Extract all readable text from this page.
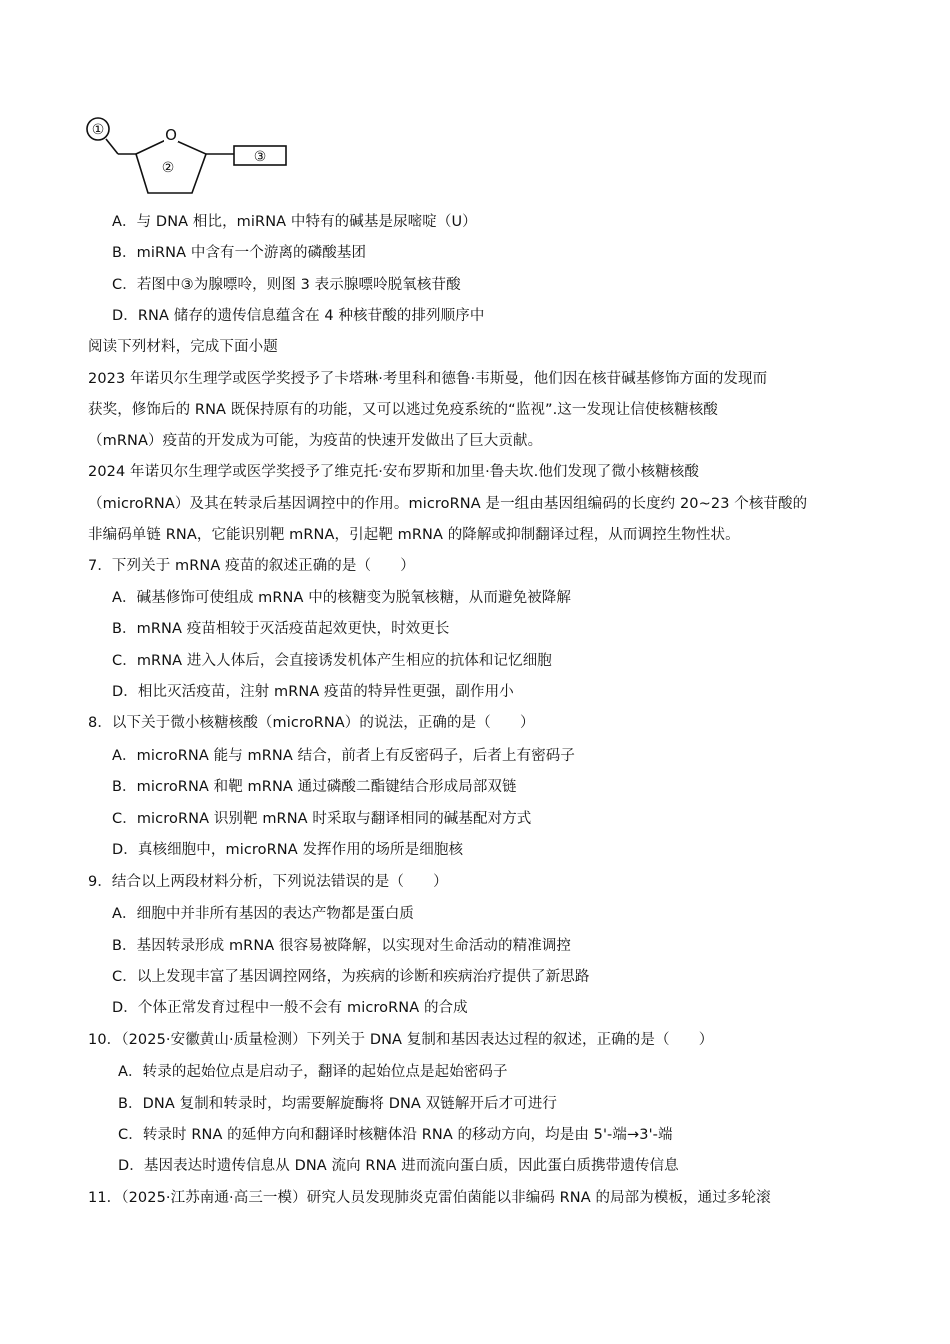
①	O
②
③
A．与 DNA 相比，miRNA 中特有的碱基是尿嘧啶（U）
B．miRNA 中含有一个游离的磷酸基团
C．若图中③为腺嘌呤，则图 3 表示腺嘌呤脱氧核苷酸
D．RNA 储存的遗传信息蕴含在 4 种核苷酸的排列顺序中
阅读下列材料，完成下面小题
2023 年诺贝尔生理学或医学奖授予了卡塔琳·考里科和德鲁·韦斯曼，他们因在核苷碱基修饰方面的发现而
获奖，修饰后的 RNA 既保持原有的功能，又可以逃过免疫系统的“监视”.这一发现让信使核糖核酸
（mRNA）疫苗的开发成为可能，为疫苗的快速开发做出了巨大贡献。
2024 年诺贝尔生理学或医学奖授予了维克托·安布罗斯和加里·鲁夫坎.他们发现了微小核糖核酸
（microRNA）及其在转录后基因调控中的作用。microRNA 是一组由基因组编码的长度约 20~23 个核苷酸的
非编码单链 RNA，它能识别靶 mRNA，引起靶 mRNA 的降解或抑制翻译过程，从而调控生物性状。
7．下列关于 mRNA 疫苗的叙述正确的是（　　）
A．碱基修饰可使组成 mRNA 中的核糖变为脱氧核糖，从而避免被降解
B．mRNA 疫苗相较于灭活疫苗起效更快，时效更长
C．mRNA 进入人体后，会直接诱发机体产生相应的抗体和记忆细胞
D．相比灭活疫苗，注射 mRNA 疫苗的特异性更强，副作用小
8．以下关于微小核糖核酸（microRNA）的说法，正确的是（　　）
A．microRNA 能与 mRNA 结合，前者上有反密码子，后者上有密码子
B．microRNA 和靶 mRNA 通过磷酸二酯键结合形成局部双链
C．microRNA 识别靶 mRNA 时采取与翻译相同的碱基配对方式
D．真核细胞中，microRNA 发挥作用的场所是细胞核
9．结合以上两段材料分析，下列说法错误的是（　　）
A．细胞中并非所有基因的表达产物都是蛋白质
B．基因转录形成 mRNA 很容易被降解，以实现对生命活动的精准调控
C．以上发现丰富了基因调控网络，为疾病的诊断和疾病治疗提供了新思路
D．个体正常发育过程中一般不会有 microRNA 的合成
10．（2025·安徽黄山·质量检测）下列关于 DNA 复制和基因表达过程的叙述，正确的是（　　）
A．转录的起始位点是启动子，翻译的起始位点是起始密码子
B．DNA 复制和转录时，均需要解旋酶将 DNA 双链解开后才可进行
C．转录时 RNA 的延伸方向和翻译时核糖体沿 RNA 的移动方向，均是由 5'-端→3'-端
D．基因表达时遗传信息从 DNA 流向 RNA 进而流向蛋白质，因此蛋白质携带遗传信息
11．（2025·江苏南通·高三一模）研究人员发现肺炎克雷伯菌能以非编码 RNA 的局部为模板，通过多轮滚
